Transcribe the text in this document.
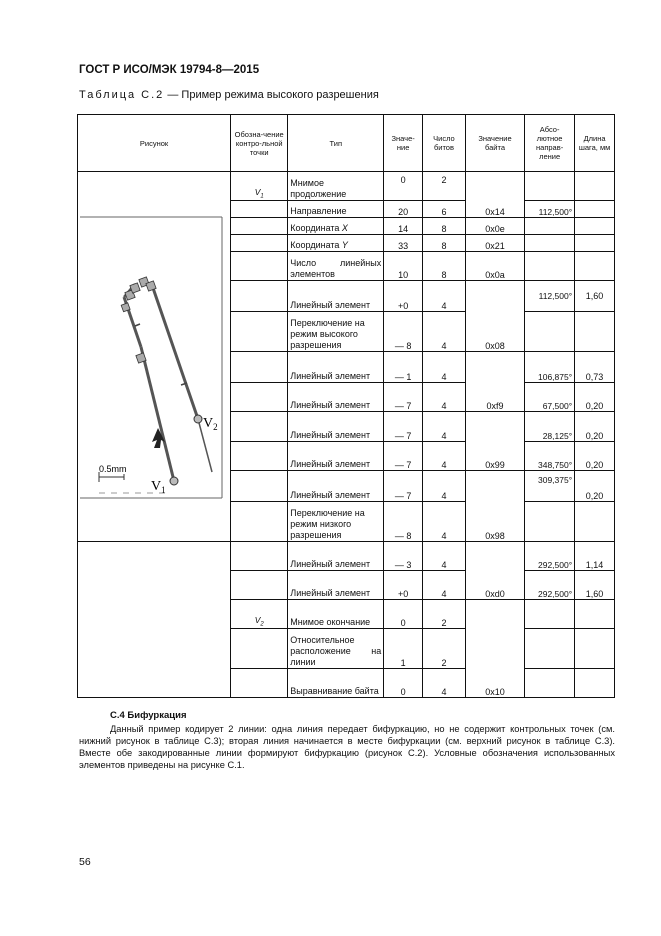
ГОСТ Р ИСО/МЭК 19794-8—2015
Таблица С.2 — Пример режима высокого разрешения
Рисунок	Обозна-чение контро-льной точки	Тип	Значе-ние	Число битов	Значение байта	Абсо-лютное направ-ление	Длина шага, мм

0.5mm
$V_2$
$V_1$	$V_1$	Мнимое продолжение	0	2	0x14		
		Направление	20	6		112,500°	
		Координата X	14	8	0x0e		
		Координата Y	33	8	0x21		

		Число линейных
элементов	10	8	0x0a		
		Линейный элемент	+0	4	0x08	112,500°	1,60
		Переключение на режим высокого разрешения	— 8	4			
		Линейный элемент	— 1	4	0xf9	106,875°	0,73
		Линейный элемент	— 7	4		67,500°	0,20
		Линейный элемент	— 7	4	0x99	28,125°	0,20
		Линейный элемент	— 7	4		348,750°	0,20
		Линейный элемент	— 7	4	0x98	309,375°	0,20
		Переключение на режим низкого разрешения	— 8	4			
		Линейный элемент	— 3	4	0xd0	292,500°	1,14
		Линейный элемент	+0	4		292,500°	1,60
	$V_2$	Мнимое окончание	0	2	0x10		

		Относительное
расположение на
линии	1	2			
		Выравнивание байта	0	4			
С.4 Бифуркация
Данный пример кодирует 2 линии: одна линия передает бифуркацию, но не содержит контрольных точек (см. нижний рисунок в таблице С.3); вторая линия начинается в месте бифуркации (см. верхний рисунок в таблице С.3). Вместе обе закодированные линии формируют бифуркацию (рисунок С.2). Условные обозначения использованных элементов приведены на рисунке С.1.
56
